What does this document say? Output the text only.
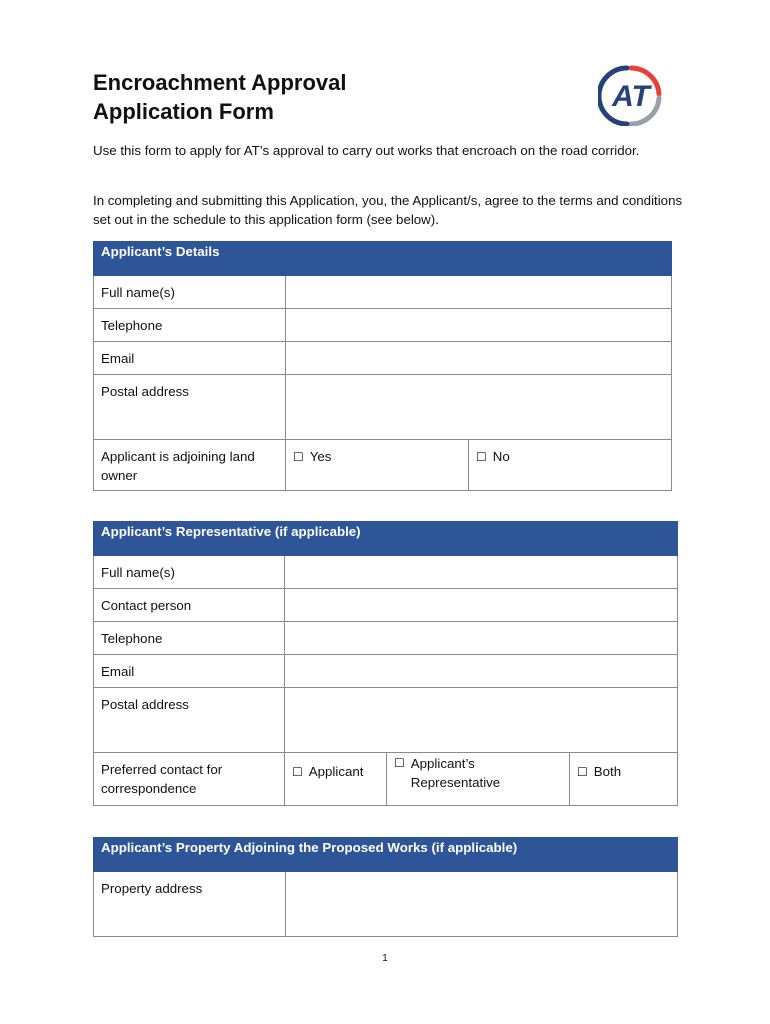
Encroachment Approval
Application Form	AT

Use this form to apply for AT’s approval to carry out works that encroach on the road corridor.

In completing and submitting this Application, you, the Applicant/s, agree to the terms and conditions set out in the schedule to this application form (see below).

Applicant’s Details		
Full name(s)		
Telephone		
Email		
Postal address		
Applicant is adjoining land owner	☐ Yes	☐ No
Applicant’s Representative (if applicable)			
Full name(s)			
Contact person			
Telephone			
Email			
Postal address			
Preferred contact for correspondence	☐ Applicant	☐ Applicant’s Representative	☐ Both
Applicant’s Property Adjoining the Proposed Works (if applicable)
Property address	
1
